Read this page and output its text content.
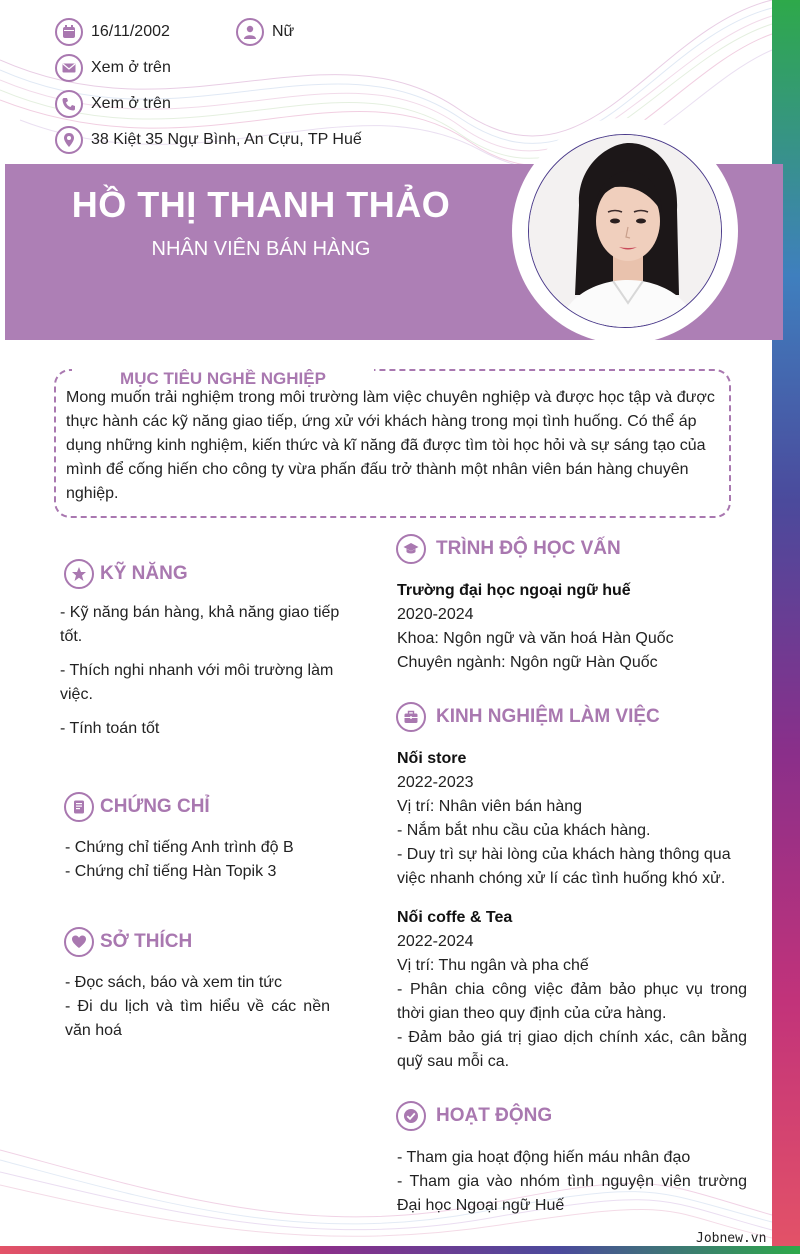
16/11/2002	Nữ
Xem ở trên
Xem ở trên
38 Kiệt 35 Ngự Bình, An Cựu, TP Huế
HỒ THỊ THANH THẢO
NHÂN VIÊN BÁN HÀNG
MỤC TIÊU NGHỀ NGHIỆP
Mong muốn trải nghiệm trong môi trường làm việc chuyên nghiệp và được học tập và được thực hành các kỹ năng giao tiếp, ứng xử với khách hàng trong mọi tình huống. Có thể áp dụng những kinh nghiệm, kiến thức và kĩ năng đã được tìm tòi học hỏi và sự sáng tạo của mình để cống hiến cho công ty vừa phấn đấu trở thành một nhân viên bán hàng chuyên nghiệp.
KỸ NĂNG
- Kỹ năng bán hàng, khả năng giao tiếp tốt.
- Thích nghi nhanh với môi trường làm việc.
- Tính toán tốt
CHỨNG CHỈ
- Chứng chỉ tiếng Anh trình độ B
- Chứng chỉ tiếng Hàn Topik 3
SỞ THÍCH
- Đọc sách, báo và xem tin tức
- Đi du lịch và tìm hiểu về các nền văn hoá
TRÌNH ĐỘ HỌC VẤN
Trường đại học ngoại ngữ huế
2020-2024
Khoa: Ngôn ngữ và văn hoá Hàn Quốc
Chuyên ngành: Ngôn ngữ Hàn Quốc
KINH NGHIỆM LÀM VIỆC
Nối store
2022-2023
Vị trí: Nhân viên bán hàng
- Nắm bắt nhu cầu của khách hàng.
- Duy trì sự hài lòng của khách hàng thông qua việc nhanh chóng xử lí các tình huống khó xử.
Nối coffe & Tea
2022-2024
Vị trí: Thu ngân và pha chế
- Phân chia công việc đảm bảo phục vụ trong thời gian theo quy định của cửa hàng.
- Đảm bảo giá trị giao dịch chính xác, cân bằng quỹ sau mỗi ca.
HOẠT ĐỘNG
- Tham gia hoạt động hiến máu nhân đạo
- Tham gia vào nhóm tình nguyện viên trường Đại học Ngoại ngữ Huế
Jobnew.vn
